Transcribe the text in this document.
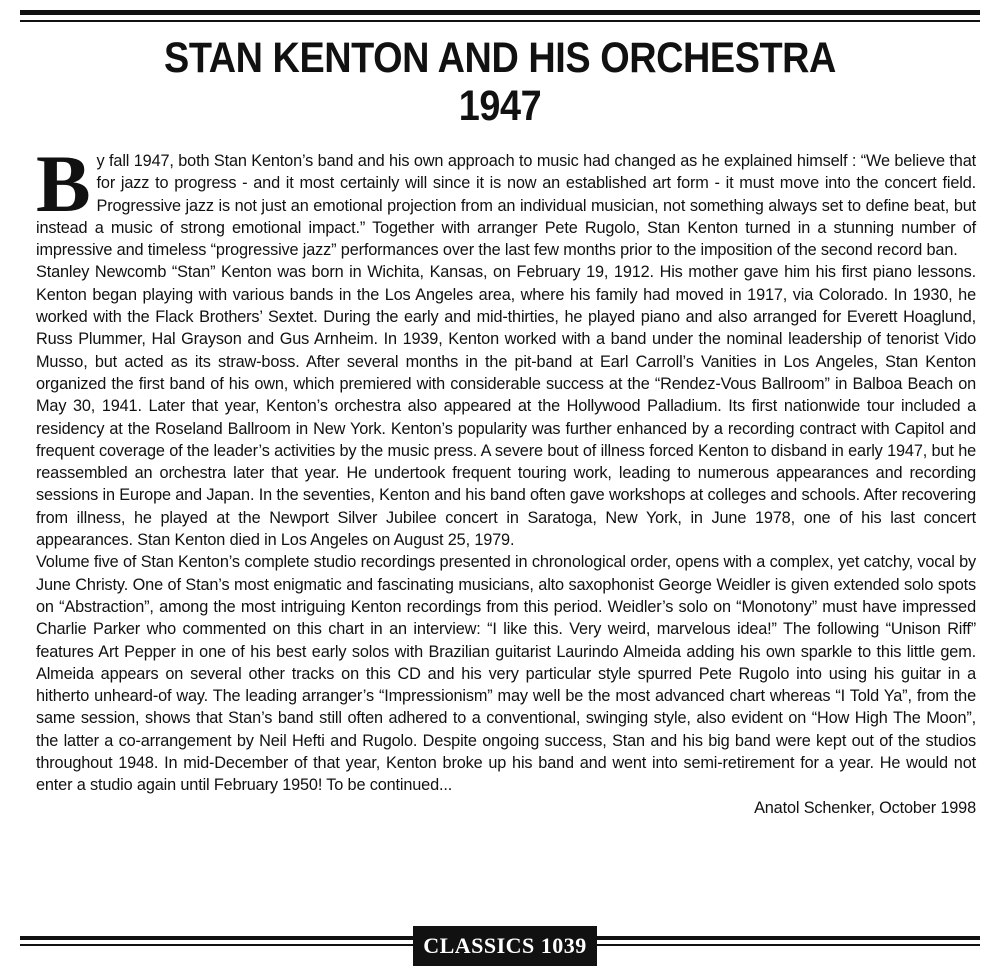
STAN KENTON AND HIS ORCHESTRA
1947

By fall 1947, both Stan Kenton’s band and his own approach to music had changed as he explained himself : “We believe that for jazz to progress - and it most certainly will since it is now an established art form - it must move into the concert field. Progressive jazz is not just an emotional projection from an individual musician, not something always set to define beat, but instead a music of strong emotional impact.” Together with arranger Pete Rugolo, Stan Kenton turned in a stunning number of impressive and timeless “progressive jazz” performances over the last few months prior to the imposition of the second record ban.

Stanley Newcomb “Stan” Kenton was born in Wichita, Kansas, on February 19, 1912. His mother gave him his first piano lessons. Kenton began playing with various bands in the Los Angeles area, where his family had moved in 1917, via Colorado. In 1930, he worked with the Flack Brothers’ Sextet. During the early and mid-thirties, he played piano and also arranged for Everett Hoaglund, Russ Plummer, Hal Grayson and Gus Arnheim. In 1939, Kenton worked with a band under the nominal leadership of tenorist Vido Musso, but acted as its straw-boss. After several months in the pit-band at Earl Carroll’s Vanities in Los Angeles, Stan Kenton organized the first band of his own, which premiered with considerable success at the “Rendez-Vous Ballroom” in Balboa Beach on May 30, 1941. Later that year, Kenton’s orchestra also appeared at the Hollywood Palladium. Its first nationwide tour included a residency at the Roseland Ballroom in New York. Kenton’s popularity was further enhanced by a recording contract with Capitol and frequent coverage of the leader’s activities by the music press. A severe bout of illness forced Kenton to disband in early 1947, but he reassembled an orchestra later that year. He undertook frequent touring work, leading to numerous appearances and recording sessions in Europe and Japan. In the seventies, Kenton and his band often gave workshops at colleges and schools. After recovering from illness, he played at the Newport Silver Jubilee concert in Saratoga, New York, in June 1978, one of his last concert appearances. Stan Kenton died in Los Angeles on August 25, 1979.

Volume five of Stan Kenton’s complete studio recordings presented in chronological order, opens with a complex, yet catchy, vocal by June Christy. One of Stan’s most enigmatic and fascinating musicians, alto saxophonist George Weidler is given extended solo spots on “Abstraction”, among the most intriguing Kenton recordings from this period. Weidler’s solo on “Monotony” must have impressed Charlie Parker who commented on this chart in an interview: “I like this. Very weird, marvelous idea!” The following “Unison Riff” features Art Pepper in one of his best early solos with Brazilian guitarist Laurindo Almeida adding his own sparkle to this little gem. Almeida appears on several other tracks on this CD and his very particular style spurred Pete Rugolo into using his guitar in a hitherto unheard-of way. The leading arranger’s “Impressionism” may well be the most advanced chart whereas “I Told Ya”, from the same session, shows that Stan’s band still often adhered to a conventional, swinging style, also evident on “How High The Moon”, the latter a co-arrangement by Neil Hefti and Rugolo. Despite ongoing success, Stan and his big band were kept out of the studios throughout 1948. In mid-December of that year, Kenton broke up his band and went into semi-retirement for a year. He would not enter a studio again until February 1950! To be continued...

Anatol Schenker, October 1998

CLASSICS 1039
